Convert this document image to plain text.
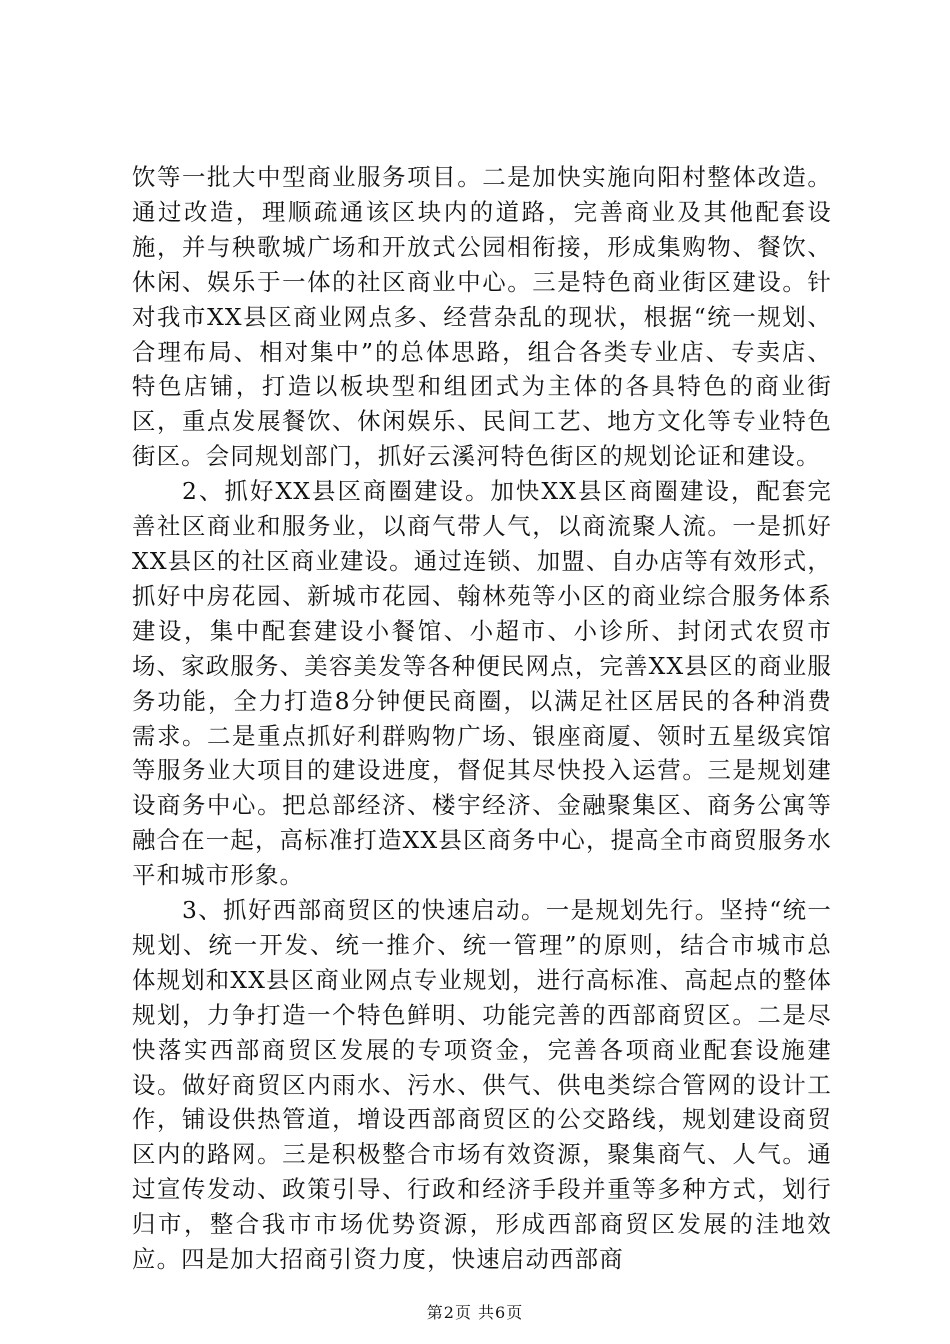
饮等一批大中型商业服务项目。二是加快实施向阳村整体改造。通过改造，理顺疏通该区块内的道路，完善商业及其他配套设施，并与秧歌城广场和开放式公园相衔接，形成集购物、餐饮、休闲、娱乐于一体的社区商业中心。三是特色商业街区建设。针对我市XX县区商业网点多、经营杂乱的现状，根据“统一规划、合理布局、相对集中”的总体思路，组合各类专业店、专卖店、特色店铺，打造以板块型和组团式为主体的各具特色的商业街区，重点发展餐饮、休闲娱乐、民间工艺、地方文化等专业特色街区。会同规划部门，抓好云溪河特色街区的规划论证和建设。

2、抓好XX县区商圈建设。加快XX县区商圈建设，配套完善社区商业和服务业，以商气带人气，以商流聚人流。一是抓好XX县区的社区商业建设。通过连锁、加盟、自办店等有效形式，抓好中房花园、新城市花园、翰林苑等小区的商业综合服务体系建设，集中配套建设小餐馆、小超市、小诊所、封闭式农贸市场、家政服务、美容美发等各种便民网点，完善XX县区的商业服务功能，全力打造8分钟便民商圈，以满足社区居民的各种消费需求。二是重点抓好利群购物广场、银座商厦、领时五星级宾馆等服务业大项目的建设进度，督促其尽快投入运营。三是规划建设商务中心。把总部经济、楼宇经济、金融聚集区、商务公寓等融合在一起，高标准打造XX县区商务中心，提高全市商贸服务水平和城市形象。

3、抓好西部商贸区的快速启动。一是规划先行。坚持“统一规划、统一开发、统一推介、统一管理”的原则，结合市城市总体规划和XX县区商业网点专业规划，进行高标准、高起点的整体规划，力争打造一个特色鲜明、功能完善的西部商贸区。二是尽快落实西部商贸区发展的专项资金，完善各项商业配套设施建设。做好商贸区内雨水、污水、供气、供电类综合管网的设计工作，铺设供热管道，增设西部商贸区的公交路线，规划建设商贸区内的路网。三是积极整合市场有效资源，聚集商气、人气。通过宣传发动、政策引导、行政和经济手段并重等多种方式，划行归市，整合我市市场优势资源，形成西部商贸区发展的洼地效应。四是加大招商引资力度，快速启动西部商

第2页 共6页
